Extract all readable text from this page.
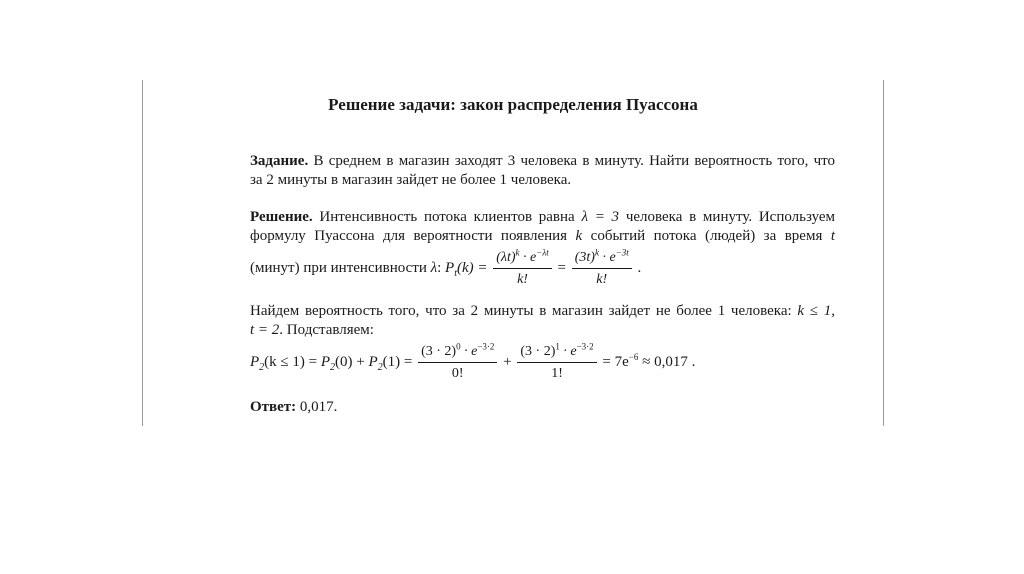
Решение задачи: закон распределения Пуассона
Задание. В среднем в магазин заходят 3 человека в минуту. Найти вероятность того, что
за 2 минуты в магазин зайдет не более 1 человека.
Решение. Интенсивность потока клиентов равна λ = 3 человека в минуту. Используем
формулу Пуассона для вероятности появления k событий потока (людей) за время t
(минут) при интенсивности λ: $P_t(k) = \frac{(\lambda t)^k \cdot e^{-\lambda t}}{k!} = \frac{(3t)^k \cdot e^{-3t}}{k!}$ .
Найдем вероятность того, что за 2 минуты в магазин зайдет не более 1 человека: k ≤ 1,
t = 2. Подставляем:
$P_2(k \le 1) = P_2(0) + P_2(1) = \frac{(3 \cdot 2)^0 \cdot e^{-3\cdot 2}}{0!} + \frac{(3 \cdot 2)^1 \cdot e^{-3\cdot 2}}{1!} = 7e^{-6} \approx 0,017$ .
Ответ: 0,017.
